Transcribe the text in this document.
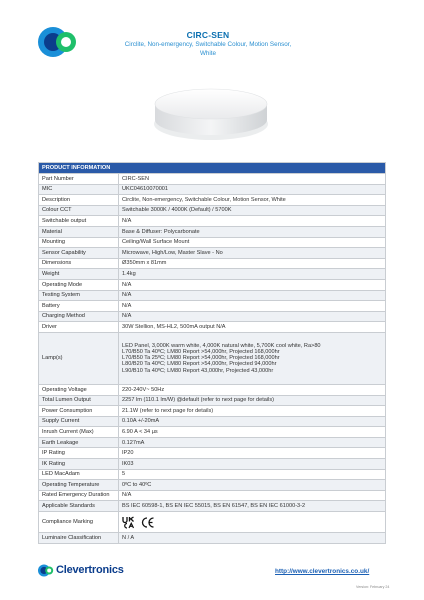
CIRC-SEN
Circlite, Non-emergency, Switchable Colour, Motion Sensor,
White
PRODUCT INFORMATION	
Part Number	CIRC-SEN
MIC	UKC04610070001
Description	Circlite, Non-emergency, Switchable Colour, Motion Sensor, White
Colour CCT	Switchable 3000K / 4000K (Default) / 5700K
Switchable output	N/A
Material	Base & Diffuser: Polycarbonate
Mounting	Ceiling/Wall Surface Mount
Sensor Capability	Microwave, High/Low, Master Slave - No
Dimensions	Ø350mm x 81mm
Weight	1.4kg
Operating Mode	N/A
Testing System	N/A
Battery	N/A
Charging Method	N/A
Driver	30W Stellion, MS-HL2, 500mA output N/A
Lamp(s)	LED Panel, 3,000K warm white, 4,000K natural white, 5,700K cool white, Ra>80
L70/B50 Ta 40ºC; LM80 Report >54,000hr, Projected 168,000hr
L70/B50 Ta 25ºC; LM80 Report >54,000hr, Projected 168,000hr
L80/B20 Ta 40ºC; LM80 Report >54,000hr, Projected 94,000hr
L90/B10 Ta 40ºC; LM80 Report 43,000hr, Projected 43,000hr

Operating Voltage	220-240V~ 50Hz
Total Lumen Output	2257 lm (110.1 lm/W) @default (refer to next page for details)
Power Consumption	21.1W (refer to next page for details)
Supply Current	0.10A +/-20mA
Inrush Current (Max)	6.90 A < 34 µs
Earth Leakage	0.127mA
IP Rating	IP20
IK Rating	IK03
LED MacAdam	5
Operating Temperature	0ºC to 40ºC
Rated Emergency Duration	N/A
Applicable Standards	BS IEC 60598-1, BS EN IEC 55015, BS EN 61547, BS EN IEC 61000-3-2
Compliance Marking	

Luminaire Classification	N / A
Clevertronics	http://www.clevertronics.co.uk/
Version: February 24
